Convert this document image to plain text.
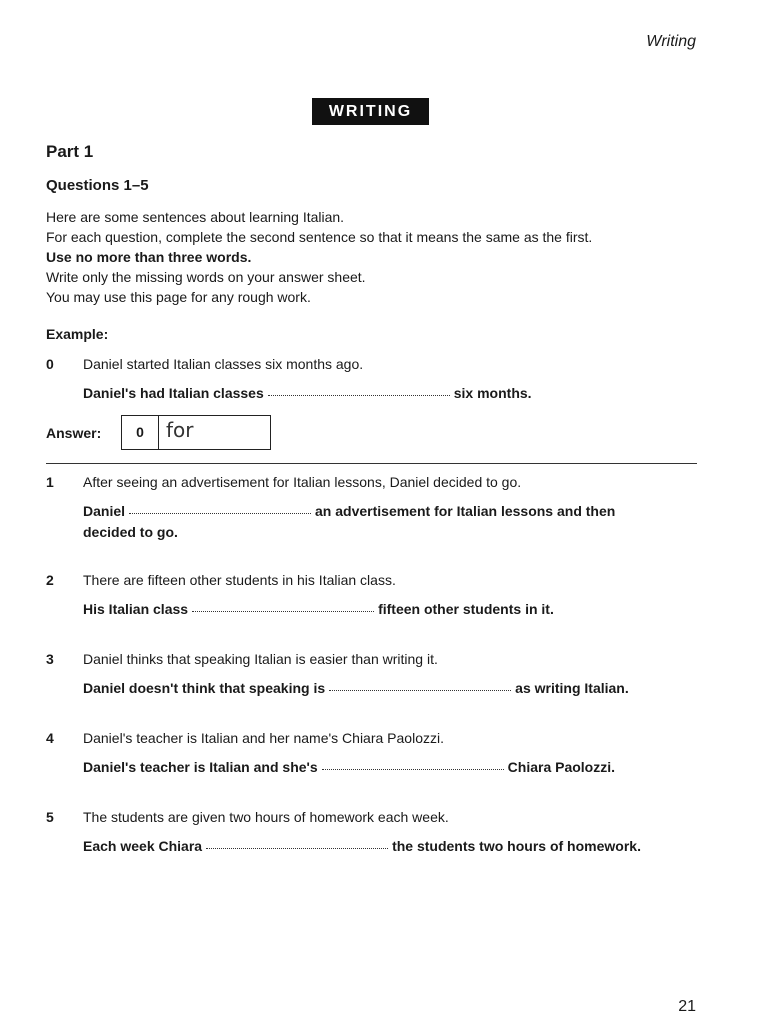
Writing
WRITING
Part 1
Questions 1–5
Here are some sentences about learning Italian.
For each question, complete the second sentence so that it means the same as the first.
Use no more than three words.
Write only the missing words on your answer sheet.
You may use this page for any rough work.
Example:
0 Daniel started Italian classes six months ago.
Daniel's had Italian classes	six months.
Answer:	0	for
1 After seeing an advertisement for Italian lessons, Daniel decided to go.
Daniel	an advertisement for Italian lessons and then
decided to go.
2 There are fifteen other students in his Italian class.
His Italian class	fifteen other students in it.
3 Daniel thinks that speaking Italian is easier than writing it.
Daniel doesn't think that speaking is	as writing Italian.
4 Daniel's teacher is Italian and her name's Chiara Paolozzi.
Daniel's teacher is Italian and she's	Chiara Paolozzi.
5 The students are given two hours of homework each week.
Each week Chiara	the students two hours of homework.
21
